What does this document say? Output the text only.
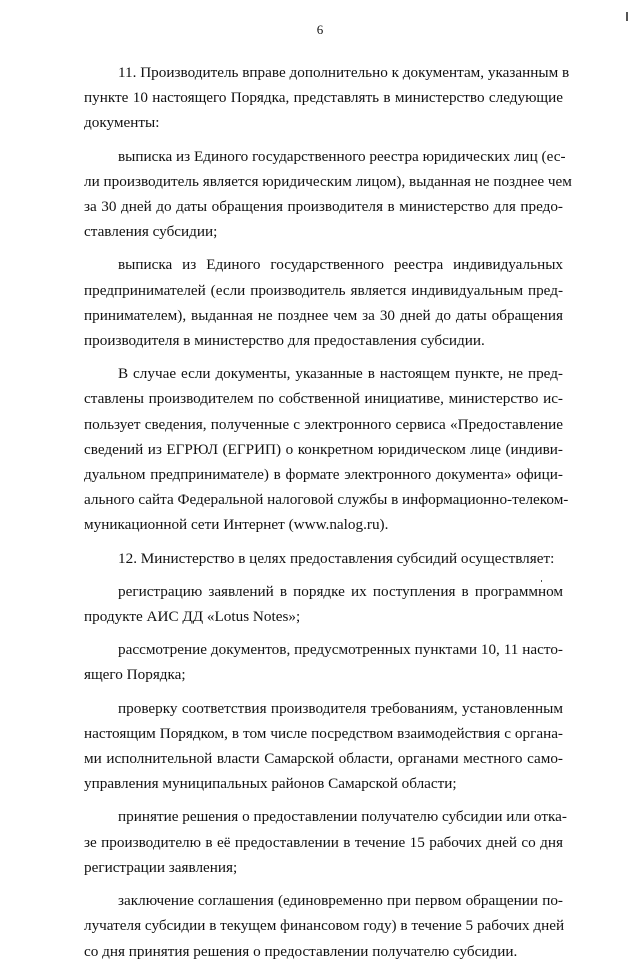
6
11. Производитель вправе дополнительно к документам, указанным в
пункте 10 настоящего Порядка, представлять в министерство следующие
документы:
выписка из Единого государственного реестра юридических лиц (ес-
ли производитель является юридическим лицом), выданная не позднее чем
за 30 дней до даты обращения производителя в министерство для предо-
ставления субсидии;
выписка из Единого государственного реестра индивидуальных
предпринимателей (если производитель является индивидуальным пред-
принимателем), выданная не позднее чем за 30 дней до даты обращения
производителя в министерство для предоставления субсидии.
В случае если документы, указанные в настоящем пункте, не пред-
ставлены производителем по собственной инициативе, министерство ис-
пользует сведения, полученные с электронного сервиса «Предоставление
сведений из ЕГРЮЛ (ЕГРИП) о конкретном юридическом лице (индиви-
дуальном предпринимателе) в формате электронного документа» офици-
ального сайта Федеральной налоговой службы в информационно-телеком-
муникационной сети Интернет (www.nalog.ru).
12. Министерство в целях предоставления субсидий осуществляет:
регистрацию заявлений в порядке их поступления в программном
продукте АИС ДД «Lotus Notes»;
рассмотрение документов, предусмотренных пунктами 10, 11 насто-
ящего Порядка;
проверку соответствия производителя требованиям, установленным
настоящим Порядком, в том числе посредством взаимодействия с органа-
ми исполнительной власти Самарской области, органами местного само-
управления муниципальных районов Самарской области;
принятие решения о предоставлении получателю субсидии или отка-
зе производителю в её предоставлении в течение 15 рабочих дней со дня
регистрации заявления;
заключение соглашения (единовременно при первом обращении по-
лучателя субсидии в текущем финансовом году) в течение 5 рабочих дней
со дня принятия решения о предоставлении получателю субсидии.
